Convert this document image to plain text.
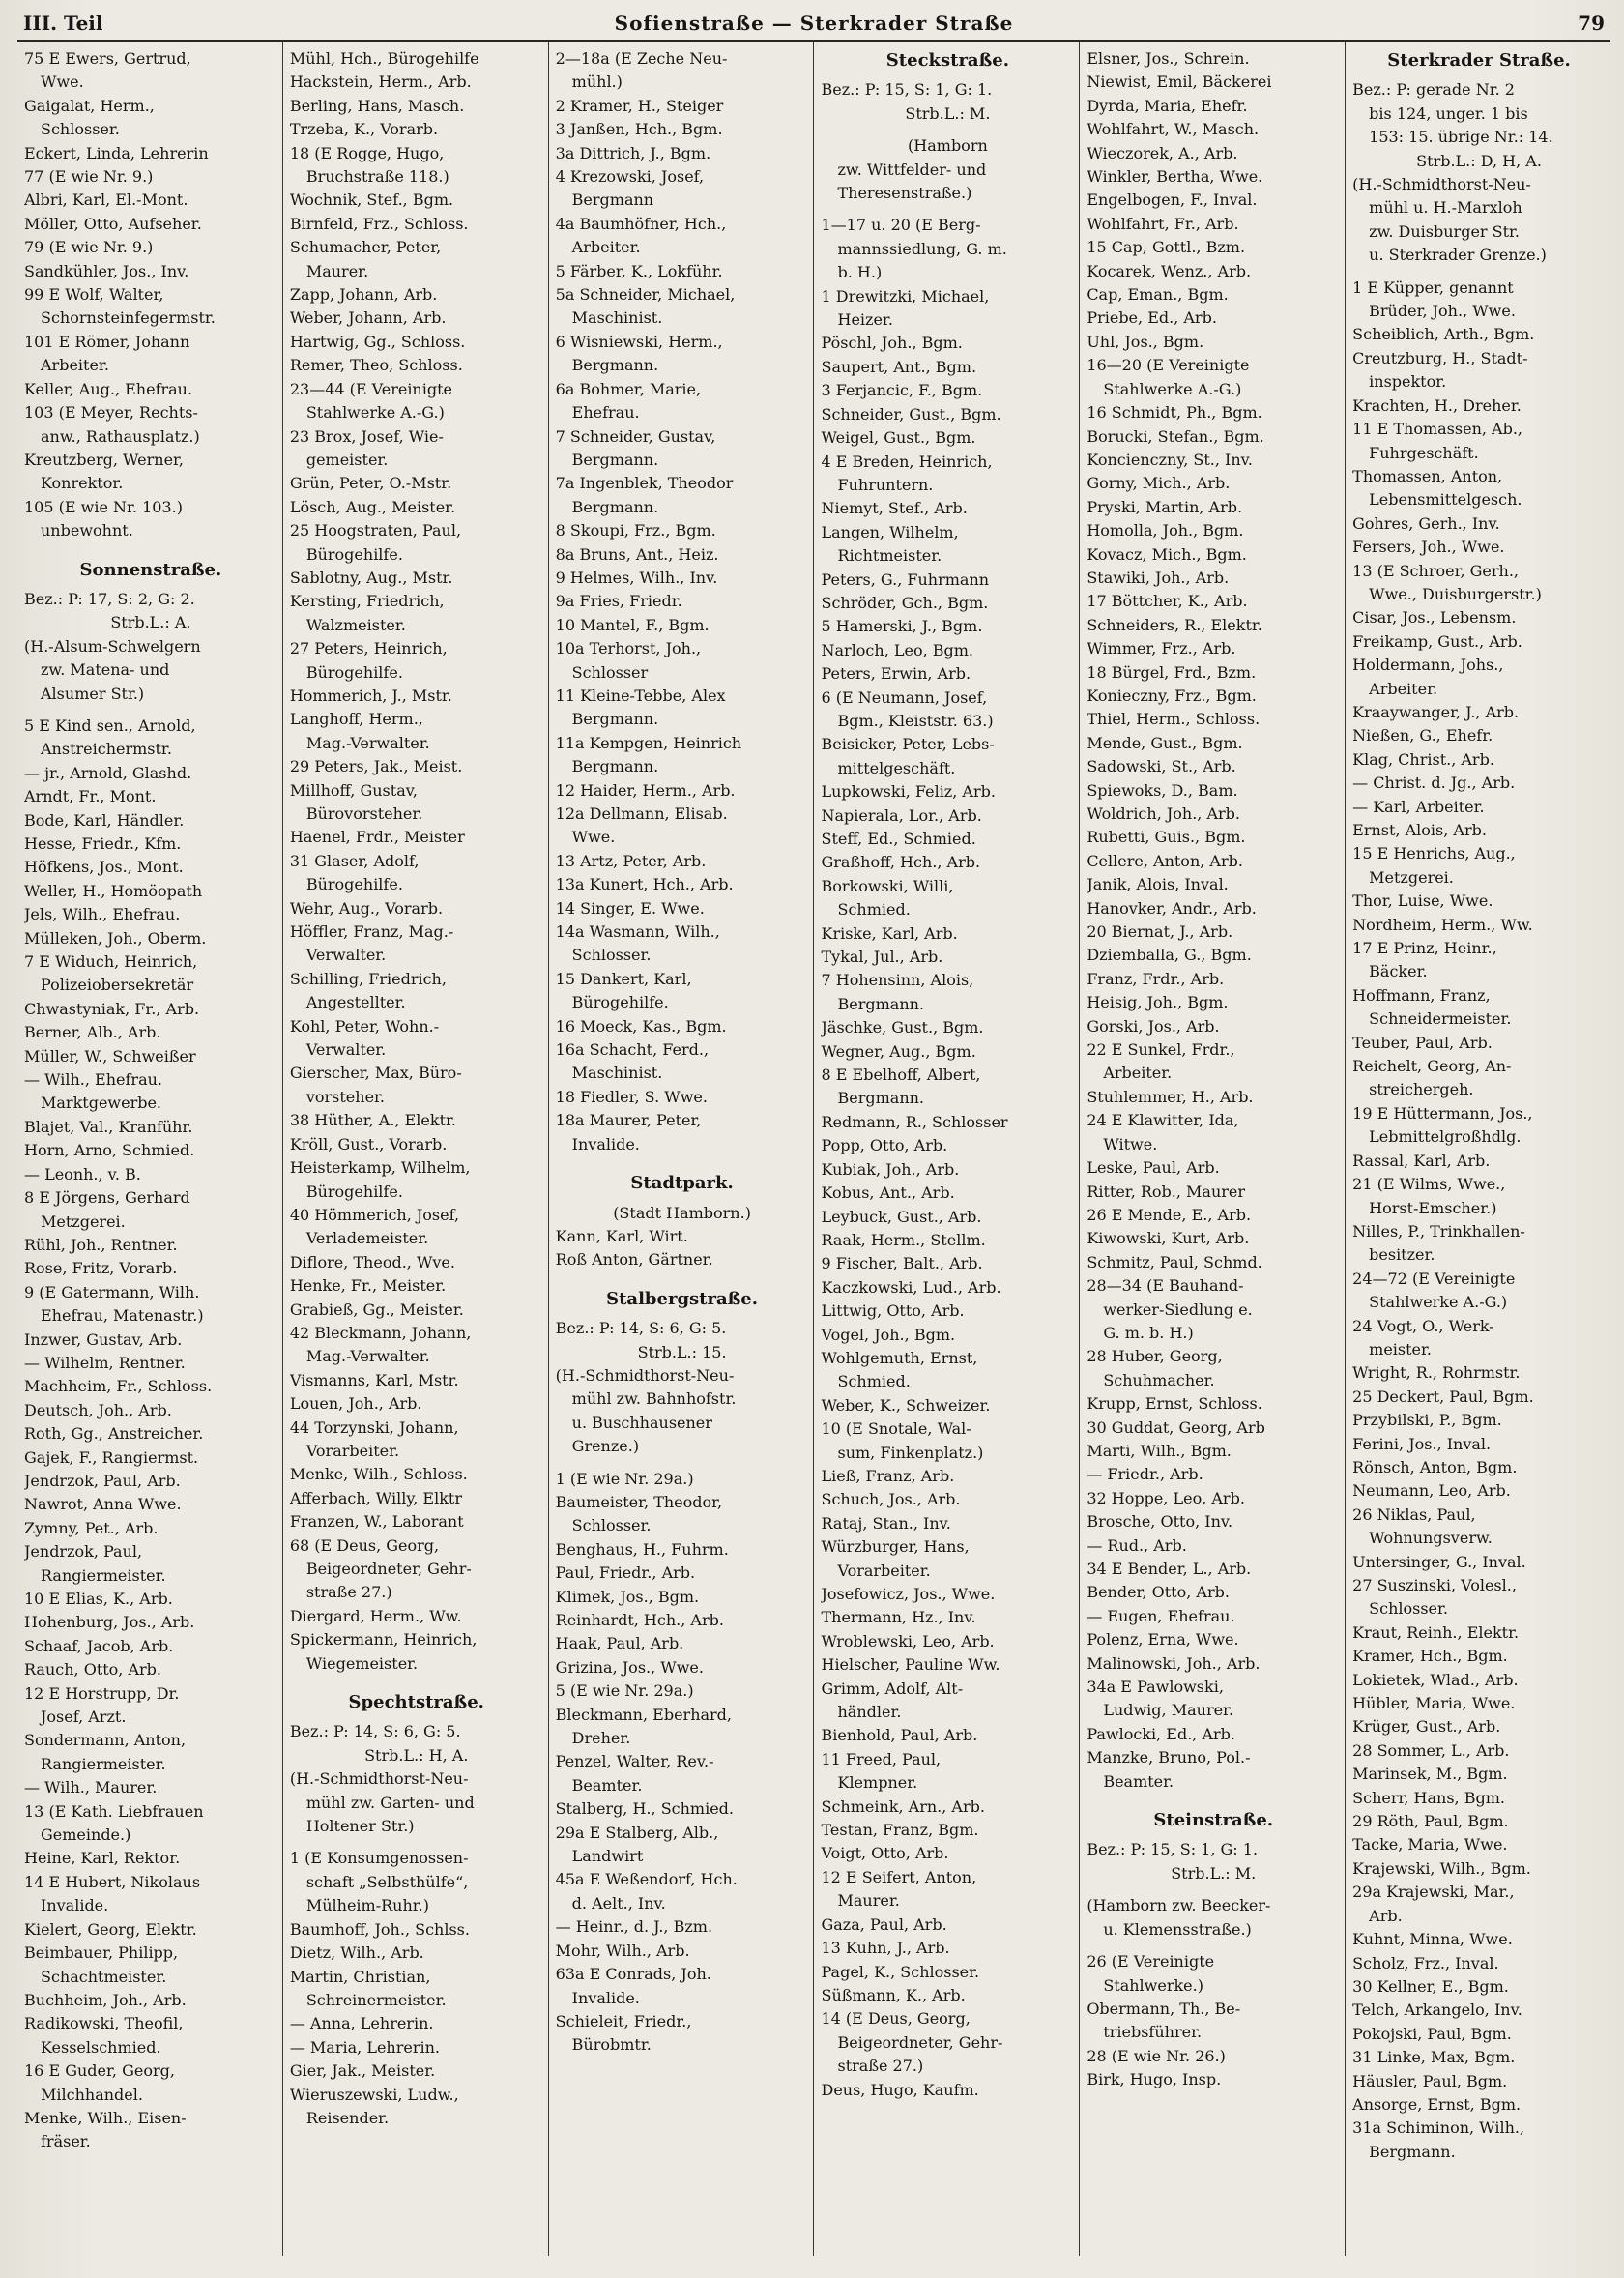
III. Teil	Sofienstraße — Sterkrader Straße	79
75 E Ewers, Gertrud,
Wwe.
Gaigalat, Herm.,
Schlosser.
Eckert, Linda, Lehrerin
77 (E wie Nr. 9.)
Albri, Karl, El.-Mont.
Möller, Otto, Aufseher.
79 (E wie Nr. 9.)
Sandkühler, Jos., Inv.
99 E Wolf, Walter,
Schornsteinfegermstr.
101 E Römer, Johann
Arbeiter.
Keller, Aug., Ehefrau.
103 (E Meyer, Rechts-
anw., Rathausplatz.)
Kreutzberg, Werner,
Konrektor.
105 (E wie Nr. 103.)
unbewohnt.
Sonnenstraße.
Bez.: P: 17, S: 2, G: 2.
Strb.L.: A.
(H.-Alsum-Schwelgern
zw. Matena- und
Alsumer Str.)
5 E Kind sen., Arnold,
Anstreichermstr.
— jr., Arnold, Glashd.
Arndt, Fr., Mont.
Bode, Karl, Händler.
Hesse, Friedr., Kfm.
Höfkens, Jos., Mont.
Weller, H., Homöopath
Jels, Wilh., Ehefrau.
Mülleken, Joh., Oberm.
7 E Widuch, Heinrich,
Polizeiobersekretär
Chwastyniak, Fr., Arb.
Berner, Alb., Arb.
Müller, W., Schweißer
— Wilh., Ehefrau.
Marktgewerbe.
Blajet, Val., Kranführ.
Horn, Arno, Schmied.
— Leonh., v. B.
8 E Jörgens, Gerhard
Metzgerei.
Rühl, Joh., Rentner.
Rose, Fritz, Vorarb.
9 (E Gatermann, Wilh.
Ehefrau, Matenastr.)
Inzwer, Gustav, Arb.
— Wilhelm, Rentner.
Machheim, Fr., Schloss.
Deutsch, Joh., Arb.
Roth, Gg., Anstreicher.
Gajek, F., Rangiermst.
Jendrzok, Paul, Arb.
Nawrot, Anna Wwe.
Zymny, Pet., Arb.
Jendrzok, Paul,
Rangiermeister.
10 E Elias, K., Arb.
Hohenburg, Jos., Arb.
Schaaf, Jacob, Arb.
Rauch, Otto, Arb.
12 E Horstrupp, Dr.
Josef, Arzt.
Sondermann, Anton,
Rangiermeister.
— Wilh., Maurer.
13 (E Kath. Liebfrauen
Gemeinde.)
Heine, Karl, Rektor.
14 E Hubert, Nikolaus
Invalide.
Kielert, Georg, Elektr.
Beimbauer, Philipp,
Schachtmeister.
Buchheim, Joh., Arb.
Radikowski, Theofil,
Kesselschmied.
16 E Guder, Georg,
Milchhandel.
Menke, Wilh., Eisen-
fräser.
Mühl, Hch., Bürogehilfe
Hackstein, Herm., Arb.
Berling, Hans, Masch.
Trzeba, K., Vorarb.
18 (E Rogge, Hugo,
Bruchstraße 118.)
Wochnik, Stef., Bgm.
Birnfeld, Frz., Schloss.
Schumacher, Peter,
Maurer.
Zapp, Johann, Arb.
Weber, Johann, Arb.
Hartwig, Gg., Schloss.
Remer, Theo, Schloss.
23—44 (E Vereinigte
Stahlwerke A.-G.)
23 Brox, Josef, Wie-
gemeister.
Grün, Peter, O.-Mstr.
Lösch, Aug., Meister.
25 Hoogstraten, Paul,
Bürogehilfe.
Sablotny, Aug., Mstr.
Kersting, Friedrich,
Walzmeister.
27 Peters, Heinrich,
Bürogehilfe.
Hommerich, J., Mstr.
Langhoff, Herm.,
Mag.-Verwalter.
29 Peters, Jak., Meist.
Millhoff, Gustav,
Bürovorsteher.
Haenel, Frdr., Meister
31 Glaser, Adolf,
Bürogehilfe.
Wehr, Aug., Vorarb.
Höffler, Franz, Mag.-
Verwalter.
Schilling, Friedrich,
Angestellter.
Kohl, Peter, Wohn.-
Verwalter.
Gierscher, Max, Büro-
vorsteher.
38 Hüther, A., Elektr.
Kröll, Gust., Vorarb.
Heisterkamp, Wilhelm,
Bürogehilfe.
40 Hömmerich, Josef,
Verlademeister.
Diflore, Theod., Wve.
Henke, Fr., Meister.
Grabieß, Gg., Meister.
42 Bleckmann, Johann,
Mag.-Verwalter.
Vismanns, Karl, Mstr.
Louen, Joh., Arb.
44 Torzynski, Johann,
Vorarbeiter.
Menke, Wilh., Schloss.
Afferbach, Willy, Elktr
Franzen, W., Laborant
68 (E Deus, Georg,
Beigeordneter, Gehr-
straße 27.)
Diergard, Herm., Ww.
Spickermann, Heinrich,
Wiegemeister.
Spechtstraße.
Bez.: P: 14, S: 6, G: 5.
Strb.L.: H, A.
(H.-Schmidthorst-Neu-
mühl zw. Garten- und
Holtener Str.)
1 (E Konsumgenossen-
schaft „Selbsthülfe“,
Mülheim-Ruhr.)
Baumhoff, Joh., Schlss.
Dietz, Wilh., Arb.
Martin, Christian,
Schreinermeister.
— Anna, Lehrerin.
— Maria, Lehrerin.
Gier, Jak., Meister.
Wieruszewski, Ludw.,
Reisender.
2—18a (E Zeche Neu-
mühl.)
2 Kramer, H., Steiger
3 Janßen, Hch., Bgm.
3a Dittrich, J., Bgm.
4 Krezowski, Josef,
Bergmann
4a Baumhöfner, Hch.,
Arbeiter.
5 Färber, K., Lokführ.
5a Schneider, Michael,
Maschinist.
6 Wisniewski, Herm.,
Bergmann.
6a Bohmer, Marie,
Ehefrau.
7 Schneider, Gustav,
Bergmann.
7a Ingenblek, Theodor
Bergmann.
8 Skoupi, Frz., Bgm.
8a Bruns, Ant., Heiz.
9 Helmes, Wilh., Inv.
9a Fries, Friedr.
10 Mantel, F., Bgm.
10a Terhorst, Joh.,
Schlosser
11 Kleine-Tebbe, Alex
Bergmann.
11a Kempgen, Heinrich
Bergmann.
12 Haider, Herm., Arb.
12a Dellmann, Elisab.
Wwe.
13 Artz, Peter, Arb.
13a Kunert, Hch., Arb.
14 Singer, E. Wwe.
14a Wasmann, Wilh.,
Schlosser.
15 Dankert, Karl,
Bürogehilfe.
16 Moeck, Kas., Bgm.
16a Schacht, Ferd.,
Maschinist.
18 Fiedler, S. Wwe.
18a Maurer, Peter,
Invalide.
Stadtpark.
(Stadt Hamborn.)
Kann, Karl, Wirt.
Roß Anton, Gärtner.
Stalbergstraße.
Bez.: P: 14, S: 6, G: 5.
Strb.L.: 15.
(H.-Schmidthorst-Neu-
mühl zw. Bahnhofstr.
u. Buschhausener
Grenze.)
1 (E wie Nr. 29a.)
Baumeister, Theodor,
Schlosser.
Benghaus, H., Fuhrm.
Paul, Friedr., Arb.
Klimek, Jos., Bgm.
Reinhardt, Hch., Arb.
Haak, Paul, Arb.
Grizina, Jos., Wwe.
5 (E wie Nr. 29a.)
Bleckmann, Eberhard,
Dreher.
Penzel, Walter, Rev.-
Beamter.
Stalberg, H., Schmied.
29a E Stalberg, Alb.,
Landwirt
45a E Weßendorf, Hch.
d. Aelt., Inv.
— Heinr., d. J., Bzm.
Mohr, Wilh., Arb.
63a E Conrads, Joh.
Invalide.
Schieleit, Friedr.,
Bürobmtr.
Steckstraße.
Bez.: P: 15, S: 1, G: 1.
Strb.L.: M.
(Hamborn
zw. Wittfelder- und
Theresenstraße.)
1—17 u. 20 (E Berg-
mannssiedlung, G. m.
b. H.)
1 Drewitzki, Michael,
Heizer.
Pöschl, Joh., Bgm.
Saupert, Ant., Bgm.
3 Ferjancic, F., Bgm.
Schneider, Gust., Bgm.
Weigel, Gust., Bgm.
4 E Breden, Heinrich,
Fuhruntern.
Niemyt, Stef., Arb.
Langen, Wilhelm,
Richtmeister.
Peters, G., Fuhrmann
Schröder, Gch., Bgm.
5 Hamerski, J., Bgm.
Narloch, Leo, Bgm.
Peters, Erwin, Arb.
6 (E Neumann, Josef,
Bgm., Kleiststr. 63.)
Beisicker, Peter, Lebs-
mittelgeschäft.
Lupkowski, Feliz, Arb.
Napierala, Lor., Arb.
Steff, Ed., Schmied.
Graßhoff, Hch., Arb.
Borkowski, Willi,
Schmied.
Kriske, Karl, Arb.
Tykal, Jul., Arb.
7 Hohensinn, Alois,
Bergmann.
Jäschke, Gust., Bgm.
Wegner, Aug., Bgm.
8 E Ebelhoff, Albert,
Bergmann.
Redmann, R., Schlosser
Popp, Otto, Arb.
Kubiak, Joh., Arb.
Kobus, Ant., Arb.
Leybuck, Gust., Arb.
Raak, Herm., Stellm.
9 Fischer, Balt., Arb.
Kaczkowski, Lud., Arb.
Littwig, Otto, Arb.
Vogel, Joh., Bgm.
Wohlgemuth, Ernst,
Schmied.
Weber, K., Schweizer.
10 (E Snotale, Wal-
sum, Finkenplatz.)
Ließ, Franz, Arb.
Schuch, Jos., Arb.
Rataj, Stan., Inv.
Würzburger, Hans,
Vorarbeiter.
Josefowicz, Jos., Wwe.
Thermann, Hz., Inv.
Wroblewski, Leo, Arb.
Hielscher, Pauline Ww.
Grimm, Adolf, Alt-
händler.
Bienhold, Paul, Arb.
11 Freed, Paul,
Klempner.
Schmeink, Arn., Arb.
Testan, Franz, Bgm.
Voigt, Otto, Arb.
12 E Seifert, Anton,
Maurer.
Gaza, Paul, Arb.
13 Kuhn, J., Arb.
Pagel, K., Schlosser.
Süßmann, K., Arb.
14 (E Deus, Georg,
Beigeordneter, Gehr-
straße 27.)
Deus, Hugo, Kaufm.
Elsner, Jos., Schrein.
Niewist, Emil, Bäckerei
Dyrda, Maria, Ehefr.
Wohlfahrt, W., Masch.
Wieczorek, A., Arb.
Winkler, Bertha, Wwe.
Engelbogen, F., Inval.
Wohlfahrt, Fr., Arb.
15 Cap, Gottl., Bzm.
Kocarek, Wenz., Arb.
Cap, Eman., Bgm.
Priebe, Ed., Arb.
Uhl, Jos., Bgm.
16—20 (E Vereinigte
Stahlwerke A.-G.)
16 Schmidt, Ph., Bgm.
Borucki, Stefan., Bgm.
Koncienczny, St., Inv.
Gorny, Mich., Arb.
Pryski, Martin, Arb.
Homolla, Joh., Bgm.
Kovacz, Mich., Bgm.
Stawiki, Joh., Arb.
17 Böttcher, K., Arb.
Schneiders, R., Elektr.
Wimmer, Frz., Arb.
18 Bürgel, Frd., Bzm.
Konieczny, Frz., Bgm.
Thiel, Herm., Schloss.
Mende, Gust., Bgm.
Sadowski, St., Arb.
Spiewoks, D., Bam.
Woldrich, Joh., Arb.
Rubetti, Guis., Bgm.
Cellere, Anton, Arb.
Janik, Alois, Inval.
Hanovker, Andr., Arb.
20 Biernat, J., Arb.
Dziemballa, G., Bgm.
Franz, Frdr., Arb.
Heisig, Joh., Bgm.
Gorski, Jos., Arb.
22 E Sunkel, Frdr.,
Arbeiter.
Stuhlemmer, H., Arb.
24 E Klawitter, Ida,
Witwe.
Leske, Paul, Arb.
Ritter, Rob., Maurer
26 E Mende, E., Arb.
Kiwowski, Kurt, Arb.
Schmitz, Paul, Schmd.
28—34 (E Bauhand-
werker-Siedlung e.
G. m. b. H.)
28 Huber, Georg,
Schuhmacher.
Krupp, Ernst, Schloss.
30 Guddat, Georg, Arb
Marti, Wilh., Bgm.
— Friedr., Arb.
32 Hoppe, Leo, Arb.
Brosche, Otto, Inv.
— Rud., Arb.
34 E Bender, L., Arb.
Bender, Otto, Arb.
— Eugen, Ehefrau.
Polenz, Erna, Wwe.
Malinowski, Joh., Arb.
34a E Pawlowski,
Ludwig, Maurer.
Pawlocki, Ed., Arb.
Manzke, Bruno, Pol.-
Beamter.
Steinstraße.
Bez.: P: 15, S: 1, G: 1.
Strb.L.: M.
(Hamborn zw. Beecker-
u. Klemensstraße.)
26 (E Vereinigte
Stahlwerke.)
Obermann, Th., Be-
triebsführer.
28 (E wie Nr. 26.)
Birk, Hugo, Insp.
Sterkrader Straße.
Bez.: P: gerade Nr. 2
bis 124, unger. 1 bis
153: 15. übrige Nr.: 14.
Strb.L.: D, H, A.
(H.-Schmidthorst-Neu-
mühl u. H.-Marxloh
zw. Duisburger Str.
u. Sterkrader Grenze.)
1 E Küpper, genannt
Brüder, Joh., Wwe.
Scheiblich, Arth., Bgm.
Creutzburg, H., Stadt-
inspektor.
Krachten, H., Dreher.
11 E Thomassen, Ab.,
Fuhrgeschäft.
Thomassen, Anton,
Lebensmittelgesch.
Gohres, Gerh., Inv.
Fersers, Joh., Wwe.
13 (E Schroer, Gerh.,
Wwe., Duisburgerstr.)
Cisar, Jos., Lebensm.
Freikamp, Gust., Arb.
Holdermann, Johs.,
Arbeiter.
Kraaywanger, J., Arb.
Nießen, G., Ehefr.
Klag, Christ., Arb.
— Christ. d. Jg., Arb.
— Karl, Arbeiter.
Ernst, Alois, Arb.
15 E Henrichs, Aug.,
Metzgerei.
Thor, Luise, Wwe.
Nordheim, Herm., Ww.
17 E Prinz, Heinr.,
Bäcker.
Hoffmann, Franz,
Schneidermeister.
Teuber, Paul, Arb.
Reichelt, Georg, An-
streichergeh.
19 E Hüttermann, Jos.,
Lebmittelgroßhdlg.
Rassal, Karl, Arb.
21 (E Wilms, Wwe.,
Horst-Emscher.)
Nilles, P., Trinkhallen-
besitzer.
24—72 (E Vereinigte
Stahlwerke A.-G.)
24 Vogt, O., Werk-
meister.
Wright, R., Rohrmstr.
25 Deckert, Paul, Bgm.
Przybilski, P., Bgm.
Ferini, Jos., Inval.
Rönsch, Anton, Bgm.
Neumann, Leo, Arb.
26 Niklas, Paul,
Wohnungsverw.
Untersinger, G., Inval.
27 Suszinski, Volesl.,
Schlosser.
Kraut, Reinh., Elektr.
Kramer, Hch., Bgm.
Lokietek, Wlad., Arb.
Hübler, Maria, Wwe.
Krüger, Gust., Arb.
28 Sommer, L., Arb.
Marinsek, M., Bgm.
Scherr, Hans, Bgm.
29 Röth, Paul, Bgm.
Tacke, Maria, Wwe.
Krajewski, Wilh., Bgm.
29a Krajewski, Mar.,
Arb.
Kuhnt, Minna, Wwe.
Scholz, Frz., Inval.
30 Kellner, E., Bgm.
Telch, Arkangelo, Inv.
Pokojski, Paul, Bgm.
31 Linke, Max, Bgm.
Häusler, Paul, Bgm.
Ansorge, Ernst, Bgm.
31a Schiminon, Wilh.,
Bergmann.
